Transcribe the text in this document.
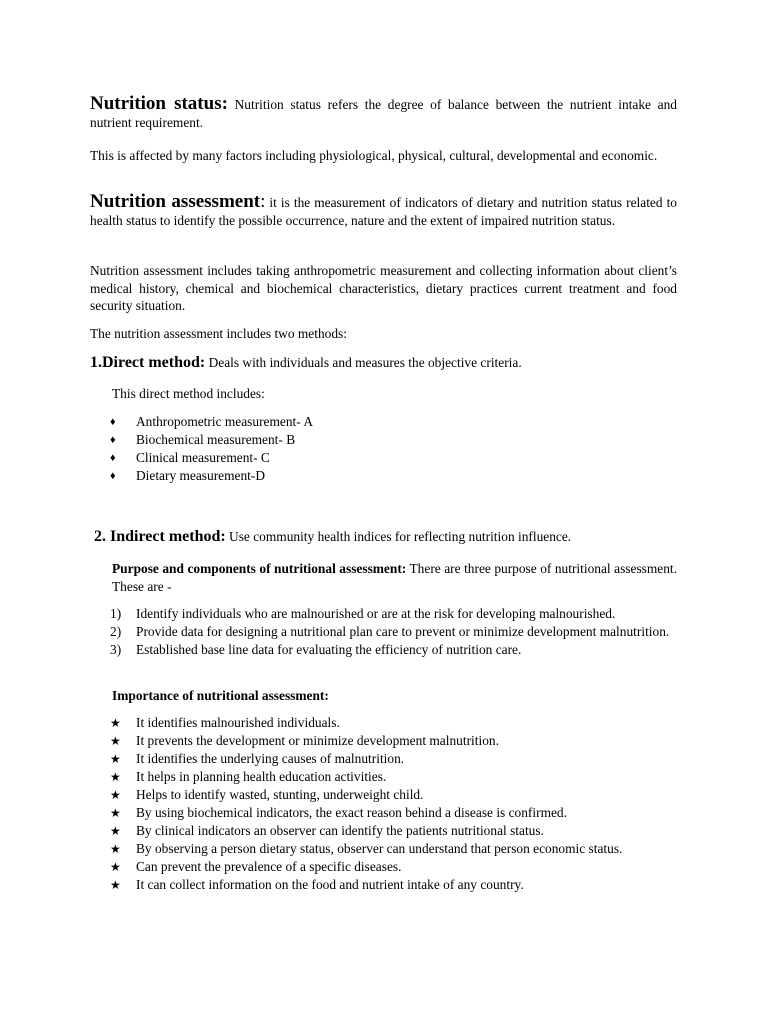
Nutrition status: Nutrition status refers the degree of balance between the nutrient intake and nutrient requirement.

This is affected by many factors including physiological, physical, cultural, developmental and economic.

Nutrition assessment: it is the measurement of indicators of dietary and nutrition status related to health status to identify the possible occurrence, nature and the extent of impaired nutrition status.

Nutrition assessment includes taking anthropometric measurement and collecting information about client’s medical history, chemical and biochemical characteristics, dietary practices current treatment and food security situation.

The nutrition assessment includes two methods:

1.Direct method: Deals with individuals and measures the objective criteria.

This direct method includes:

♦	Anthropometric measurement- A
♦	Biochemical measurement- B
♦	Clinical measurement- C
♦	Dietary measurement-D

2. Indirect method: Use community health indices for reflecting nutrition influence.

Purpose and components of nutritional assessment: There are three purpose of nutritional assessment. These are -

1)	Identify individuals who are malnourished or are at the risk for developing malnourished.
2)	Provide data for designing a nutritional plan care to prevent or minimize development malnutrition.
3)	Established base line data for evaluating the efficiency of nutrition care.

Importance of nutritional assessment:

★	It identifies malnourished individuals.
★	It prevents the development or minimize development malnutrition.
★	It identifies the underlying causes of malnutrition.
★	It helps in planning health education activities.
★	Helps to identify wasted, stunting, underweight child.
★	By using biochemical indicators, the exact reason behind a disease is confirmed.
★	By clinical indicators an observer can identify the patients nutritional status.
★	By observing a person dietary status, observer can understand that person economic status.
★	Can prevent the prevalence of a specific diseases.
★	It can collect information on the food and nutrient intake of any country.
